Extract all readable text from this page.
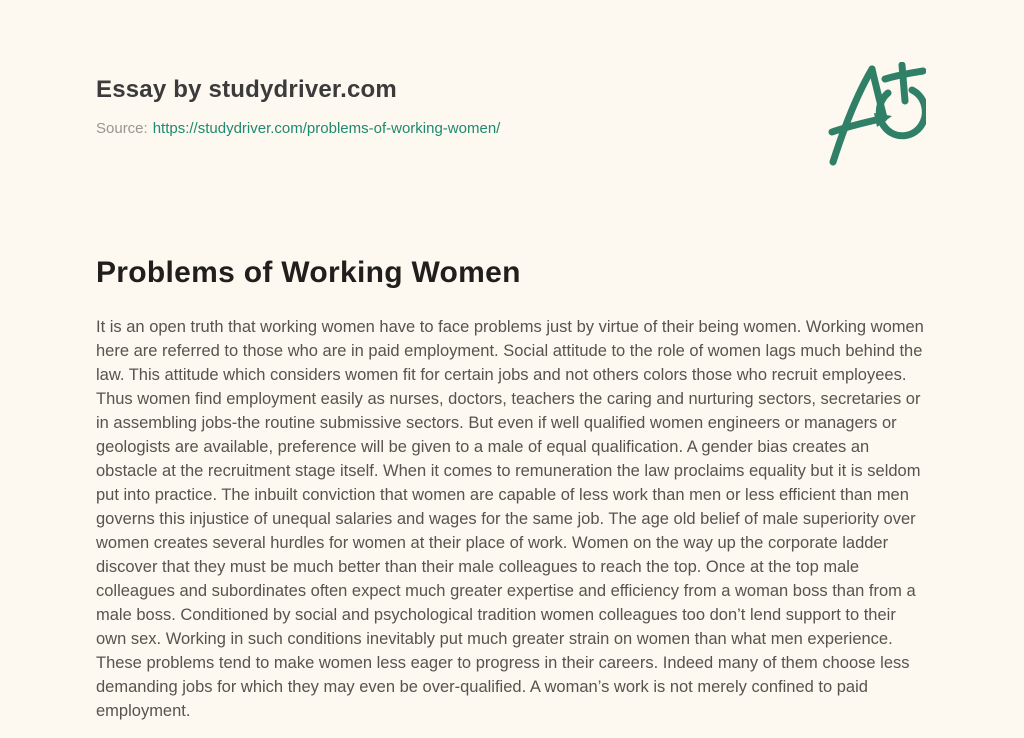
Essay by studydriver.com
Source: https://studydriver.com/problems-of-working-women/
Problems of Working Women

It is an open truth that working women have to face problems just by virtue of their being women. Working women here are referred to those who are in paid employment. Social attitude to the role of women lags much behind the law. This attitude which considers women fit for certain jobs and not others colors those who recruit employees. Thus women find employment easily as nurses, doctors, teachers the caring and nurturing sectors, secretaries or in assembling jobs-the routine submissive sectors. But even if well qualified women engineers or managers or geologists are available, preference will be given to a male of equal qualification. A gender bias creates an obstacle at the recruitment stage itself. When it comes to remuneration the law proclaims equality but it is seldom put into practice. The inbuilt conviction that women are capable of less work than men or less efficient than men governs this injustice of unequal salaries and wages for the same job. The age old belief of male superiority over women creates several hurdles for women at their place of work. Women on the way up the corporate ladder discover that they must be much better than their male colleagues to reach the top. Once at the top male colleagues and subordinates often expect much greater expertise and efficiency from a woman boss than from a male boss. Conditioned by social and psychological tradition women colleagues too don’t lend support to their own sex. Working in such conditions inevitably put much greater strain on women than what men experience. These problems tend to make women less eager to progress in their careers. Indeed many of them choose less demanding jobs for which they may even be over-qualified. A woman’s work is not merely confined to paid employment.
